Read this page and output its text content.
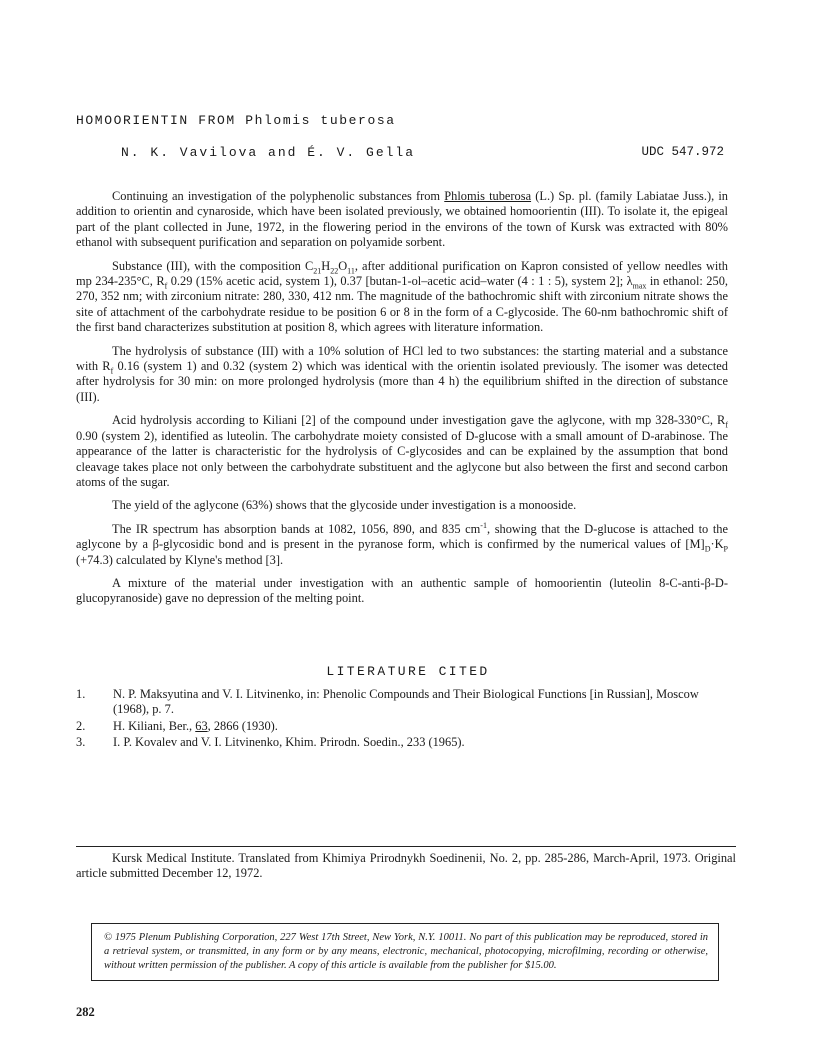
HOMOORIENTIN FROM Phlomis tuberosa
N. K. Vavilova and É. V. Gella	UDC 547.972

Continuing an investigation of the polyphenolic substances from Phlomis tuberosa (L.) Sp. pl. (family Labiatae Juss.), in addition to orientin and cynaroside, which have been isolated previously, we obtained homoorientin (III). To isolate it, the epigeal part of the plant collected in June, 1972, in the flowering period in the environs of the town of Kursk was extracted with 80% ethanol with subsequent purification and separation on polyamide sorbent.

Substance (III), with the composition $C_{21}H_{22}O_{11}$, after additional purification on Kapron consisted of yellow needles with mp 234-235°C, $R_f$ 0.29 (15% acetic acid, system 1), 0.37 [butan-1-ol–acetic acid–water (4 : 1 : 5), system 2]; $\lambda_{max}$ in ethanol: 250, 270, 352 nm; with zirconium nitrate: 280, 330, 412 nm. The magnitude of the bathochromic shift with zirconium nitrate shows the site of attachment of the carbohydrate residue to be position 6 or 8 in the form of a C-glycoside. The 60-nm bathochromic shift of the first band characterizes substitution at position 8, which agrees with literature information.

The hydrolysis of substance (III) with a 10% solution of HCl led to two substances: the starting material and a substance with $R_f$ 0.16 (system 1) and 0.32 (system 2) which was identical with the orientin isolated previously. The isomer was detected after hydrolysis for 30 min: on more prolonged hydrolysis (more than 4 h) the equilibrium shifted in the direction of substance (III).

Acid hydrolysis according to Kiliani [2] of the compound under investigation gave the aglycone, with mp 328-330°C, $R_f$ 0.90 (system 2), identified as luteolin. The carbohydrate moiety consisted of D-glucose with a small amount of D-arabinose. The appearance of the latter is characteristic for the hydrolysis of C-glycosides and can be explained by the assumption that bond cleavage takes place not only between the carbohydrate substituent and the aglycone but also between the first and second carbon atoms of the sugar.

The yield of the aglycone (63%) shows that the glycoside under investigation is a monooside.

The IR spectrum has absorption bands at 1082, 1056, 890, and 835 $cm^{-1}$, showing that the D-glucose is attached to the aglycone by a β-glycosidic bond and is present in the pyranose form, which is confirmed by the numerical values of $[M]_D\cdot K_P$ (+74.3) calculated by Klyne's method [3].

A mixture of the material under investigation with an authentic sample of homoorientin (luteolin 8-C-anti-β-D-glucopyranoside) gave no depression of the melting point.

LITERATURE CITED
1.	N. P. Maksyutina and V. I. Litvinenko, in: Phenolic Compounds and Their Biological Functions [in Russian], Moscow (1968), p. 7.
2.	H. Kiliani, Ber., 63, 2866 (1930).
3.	I. P. Kovalev and V. I. Litvinenko, Khim. Prirodn. Soedin., 233 (1965).
Kursk Medical Institute. Translated from Khimiya Prirodnykh Soedinenii, No. 2, pp. 285-286, March-April, 1973. Original article submitted December 12, 1972.
© 1975 Plenum Publishing Corporation, 227 West 17th Street, New York, N.Y. 10011. No part of this publication may be reproduced, stored in a retrieval system, or transmitted, in any form or by any means, electronic, mechanical, photocopying, microfilming, recording or otherwise, without written permission of the publisher. A copy of this article is available from the publisher for $15.00.
282
